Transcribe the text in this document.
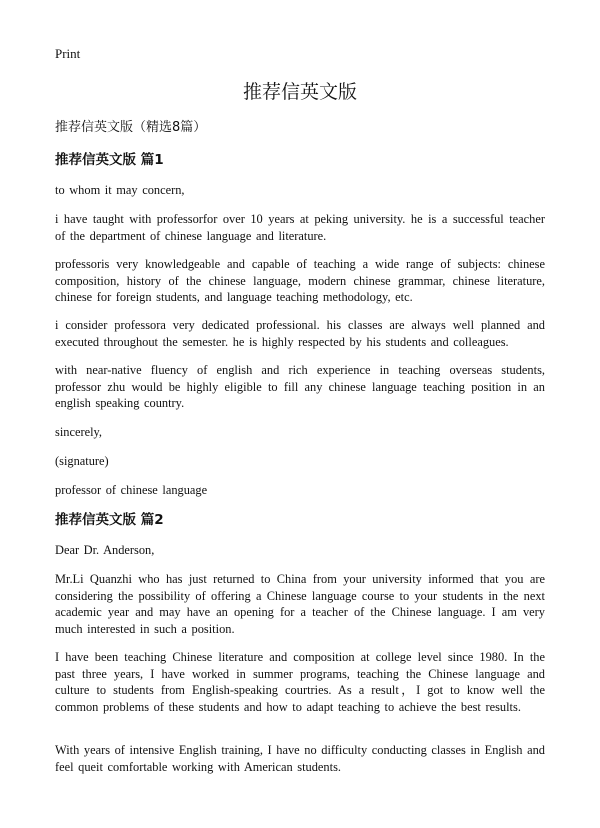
Print
推荐信英文版
推荐信英文版（精选8篇）
推荐信英文版 篇1
to whom it may concern,
i have taught with professorfor over 10 years at peking university. he is a successful teacher of the department of chinese language and literature.
professoris very knowledgeable and capable of teaching a wide range of subjects: chinese composition, history of the chinese language, modern chinese grammar, chinese literature, chinese for foreign students, and language teaching methodology, etc.
i consider professora very dedicated professional. his classes are always well planned and executed throughout the semester. he is highly respected by his students and colleagues.
with near-native fluency of english and rich experience in teaching overseas students, professor zhu would be highly eligible to fill any chinese language teaching position in an english speaking country.
sincerely,
(signature)
professor of chinese language
推荐信英文版 篇2
Dear Dr. Anderson,
Mr.Li Quanzhi who has just returned to China from your university informed that you are considering the possibility of offering a Chinese language course to your students in the next academic year and may have an opening for a teacher of the Chinese language. I am very much interested in such a position.
I have been teaching Chinese literature and composition at college level since 1980. In the past three years, I have worked in summer programs, teaching the Chinese language and culture to students from English-speaking courtries. As a result，I got to know well the common problems of these students and how to adapt teaching to achieve the best results.
With years of intensive English training, I have no difficulty conducting classes in English and feel queit comfortable working with American students.
